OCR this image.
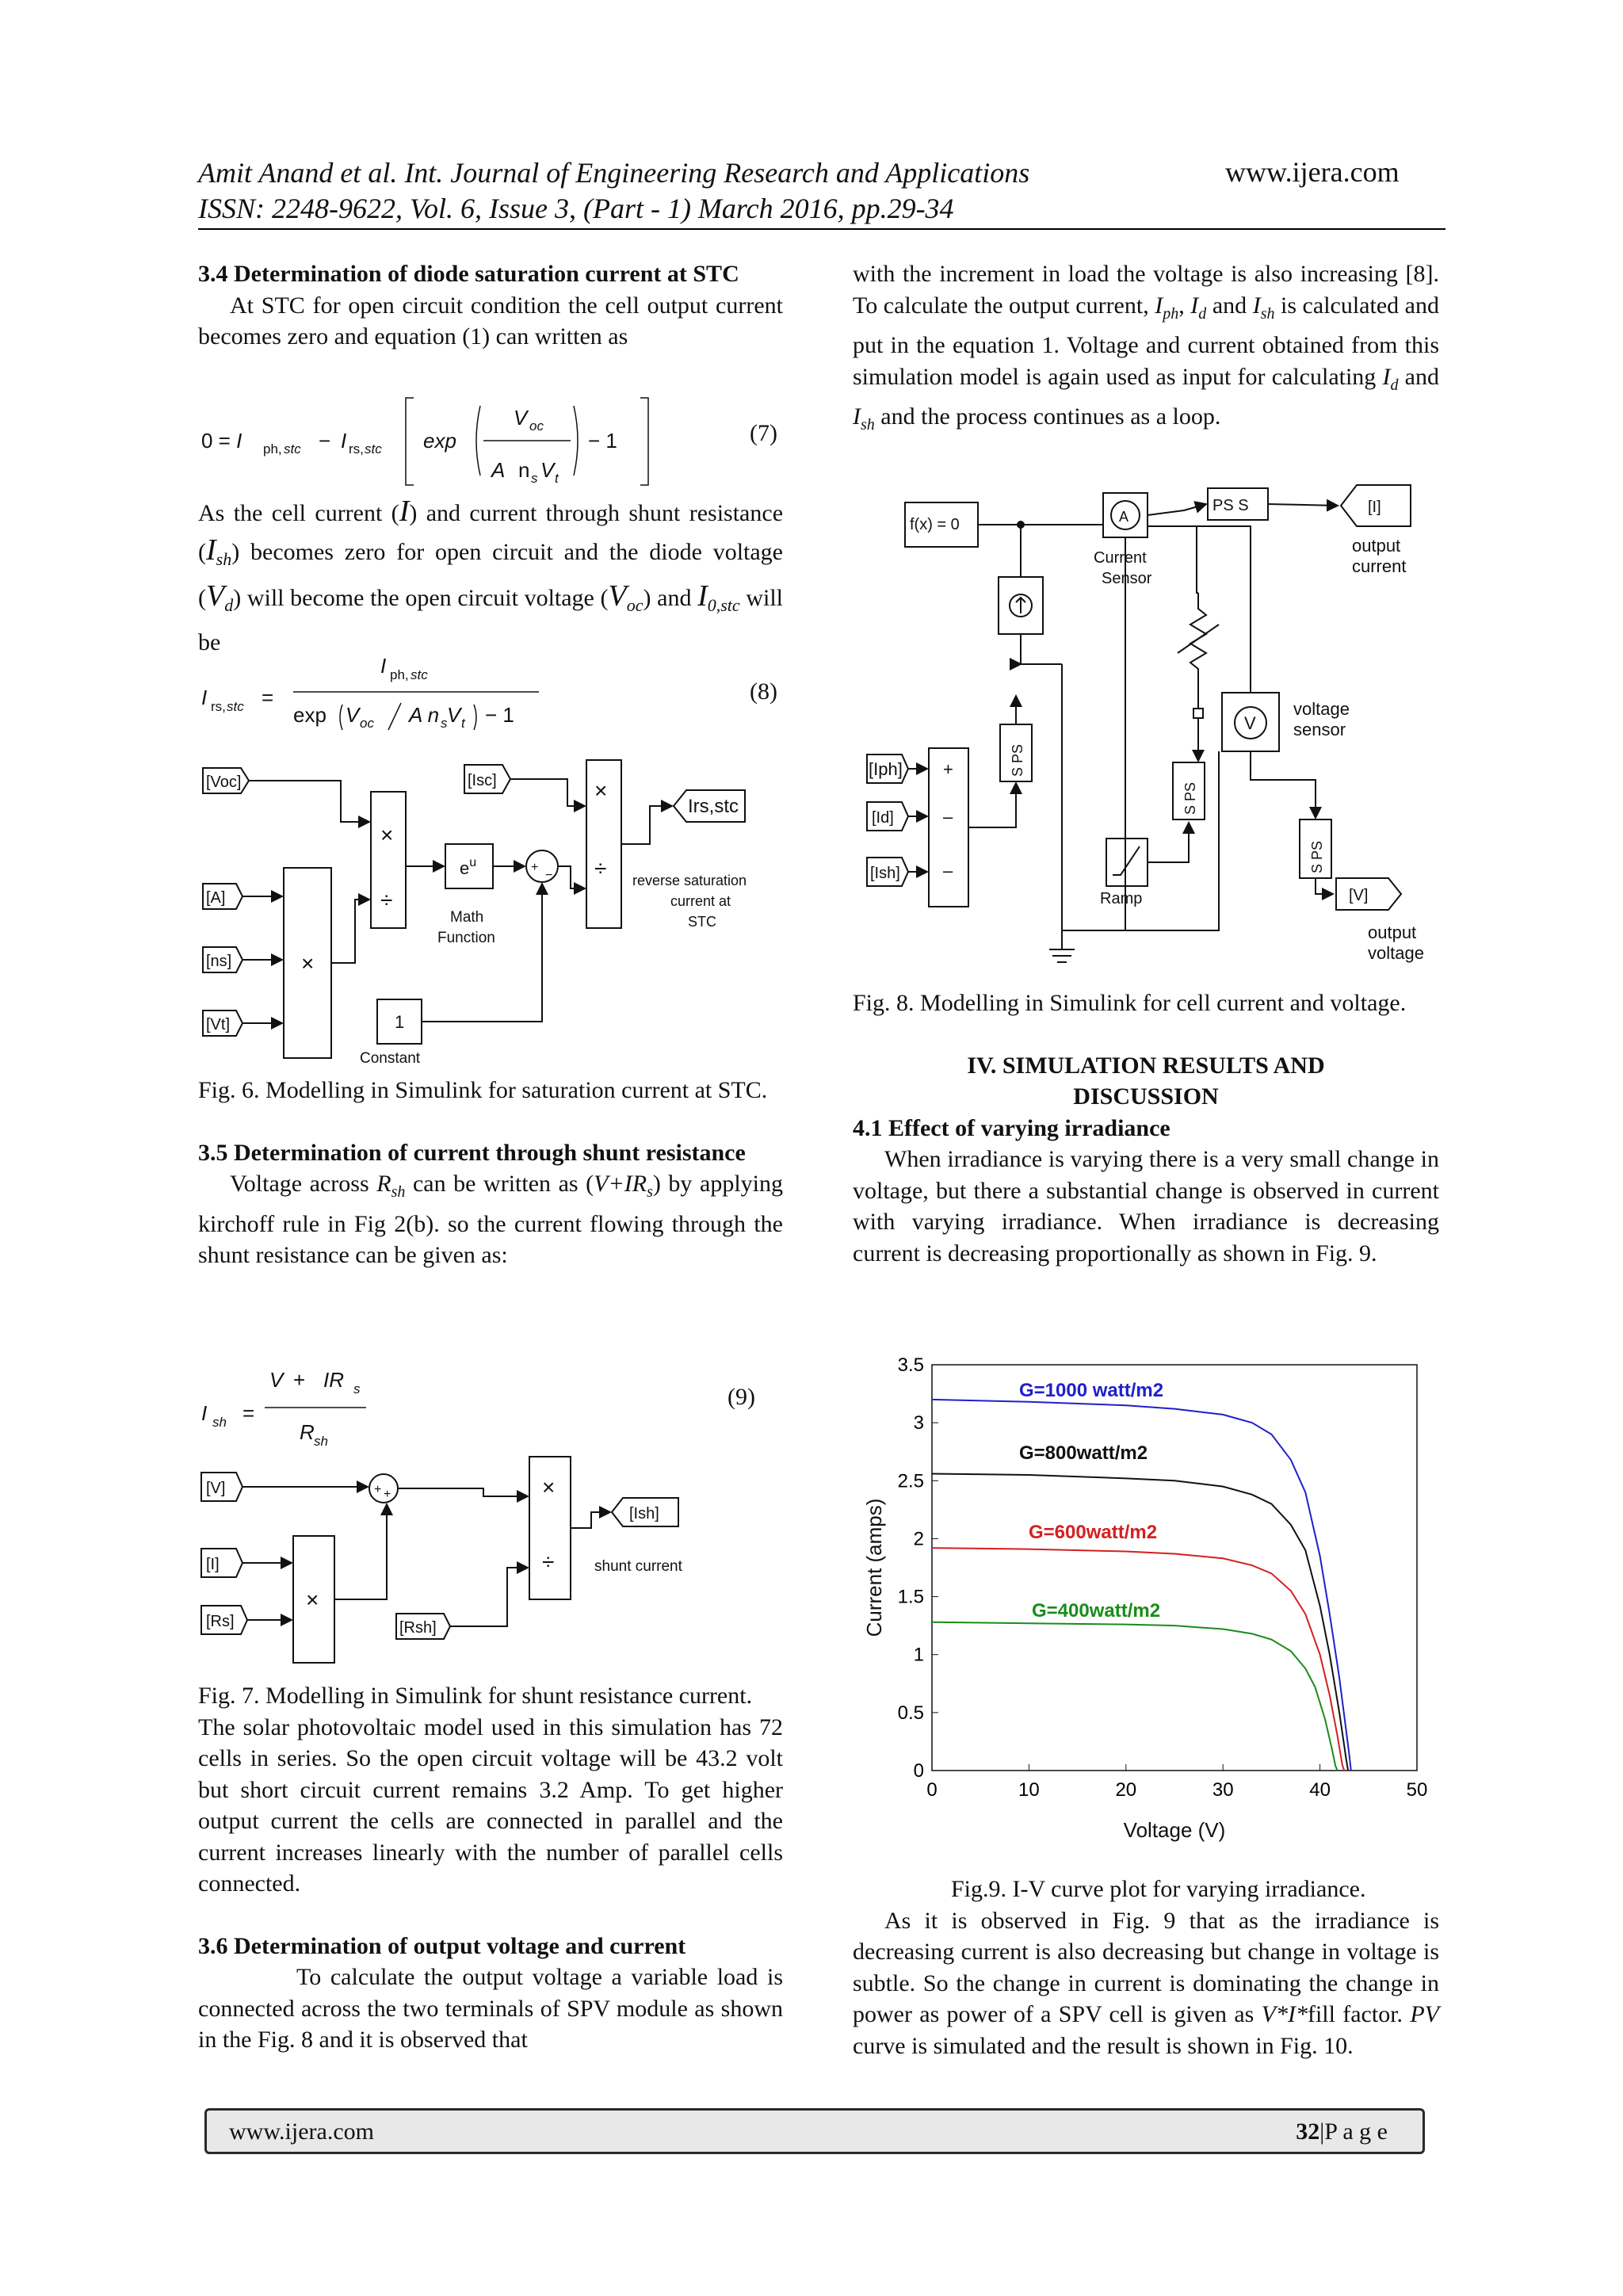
Amit Anand et al. Int. Journal of Engineering Research and Applications	www.ijera.com
ISSN: 2248-9622, Vol. 6, Issue 3, (Part - 1) March 2016, pp.29-34

3.4 Determination of diode saturation current at STC

At STC for open circuit condition the cell output current becomes zero and equation (1) can written as

0 = I ph, stc − I rs, stc exp
V oc
A n s V t
− 1	(7)
As the cell current (I) and current through shunt resistance $(I_{sh})$ becomes zero for open circuit and the diode voltage $(V_d)$ will become the open circuit voltage $(V_{oc})$ and $I_{0,stc}$ will be
I ph, stc
I rs, stc =
exp V oc A n s V t − 1
(8)
[Voc]	[Isc]
[A]
[ns]
[Vt]
×
×
÷
$e^u$
Math
Function
+
−
×
÷
1
Constant
Irs,stc
reverse saturation
current at
STC

Fig. 6. Modelling in Simulink for saturation current at STC.

3.5 Determination of current through shunt resistance

Voltage across $R_{sh}$ can be written as $(V+IR_s)$ by applying kirchoff rule in Fig 2(b). so the current flowing through the shunt resistance can be given as:

V + IR s
I sh =
R sh
(9)
[V]
[I]
[Rs]	[Rsh]
+ +
×
×
÷
[Ish]
shunt current

Fig. 7. Modelling in Simulink for shunt resistance current.

The solar photovoltaic model used in this simulation has 72 cells in series. So the open circuit voltage will be 43.2 volt but short circuit current remains 3.2 Amp. To get higher output current the cells are connected in parallel and the current increases linearly with the number of parallel cells connected.

3.6 Determination of output voltage and current

To calculate the output voltage a variable load is connected across the two terminals of SPV module as shown in the Fig. 8 and it is observed that

with the increment in load the voltage is also increasing [8]. To calculate the output current, $I_{ph}$, $I_d$ and $I_{sh}$ is calculated and put in the equation 1. Voltage and current obtained from this simulation model is again used as input for calculating $I_d$ and $I_{sh}$ and the process continues as a loop.

f(x) = 0	A
PS S	[I]
output
current
Current
Sensor
[Iph]
[Id]
[Ish]
+
–
–
Ramp
V
voltage
sensor
[V]
output
voltage
S PS
S PS
S PS

Fig. 8. Modelling in Simulink for cell current and voltage.

IV. SIMULATION RESULTS AND

DISCUSSION

4.1 Effect of varying irradiance

When irradiance is varying there is a very small change in voltage, but there a substantial change is observed in current with varying irradiance. When irradiance is decreasing current is decreasing proportionally as shown in Fig. 9.

0	10	20	30	40	50
0
0.5
1
1.5
2
2.5
3
3.5
Voltage (V)
Current (amps)
G=1000 watt/m2
G=800watt/m2
G=600watt/m2
G=400watt/m2

Fig.9. I-V curve plot for varying irradiance.

As it is observed in Fig. 9 that as the irradiance is decreasing current is also decreasing but change in voltage is subtle. So the change in current is dominating the change in power as power of a SPV cell is given as V*I*fill factor. PV curve is simulated and the result is shown in Fig. 10.

www.ijera.com	32|P a g e
